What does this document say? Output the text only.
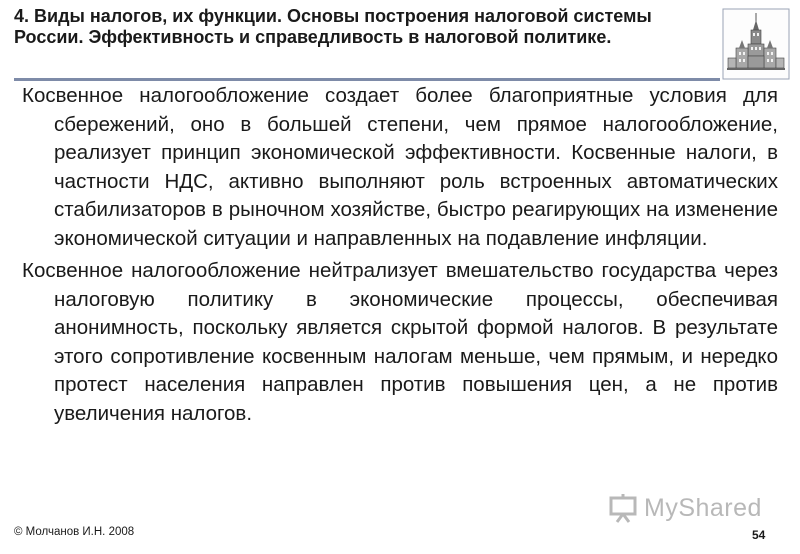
4. Виды налогов, их функции. Основы построения налоговой системы России. Эффективность и справедливость в налоговой политике.

Косвенное налогообложение создает более благоприятные условия для сбережений, оно в большей степени, чем прямое налогообложение, реализует принцип экономической эффективности. Косвенные налоги, в частности НДС, активно выполняют роль встроенных автоматических стабилизаторов в рыночном хозяйстве, быстро реагирующих на изменение экономической ситуации и направленных на подавление инфляции.

Косвенное налогообложение нейтрализует вмешательство государства через налоговую политику в экономические процессы, обеспечивая анонимность, поскольку является скрытой формой налогов. В результате этого сопротивление косвенным налогам меньше, чем прямым, и нередко протест населения направлен против повышения цен, а не против увеличения налогов.

MyShared
© Молчанов И.Н. 2008	54
